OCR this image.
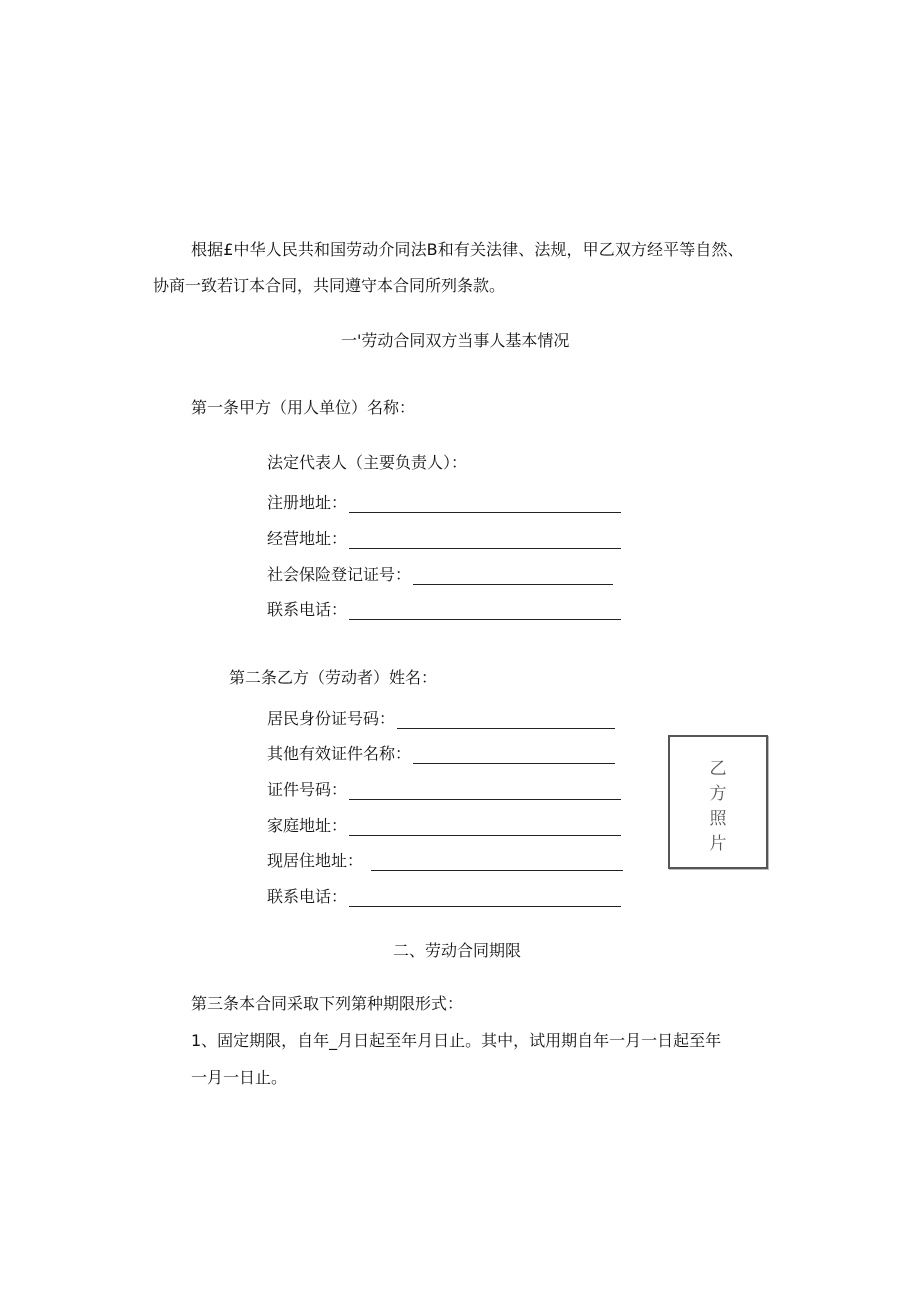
根据£中华人民共和国劳动介同法B和有关法律、法规，甲乙双方经平等自然、
协商一致若订本合同，共同遵守本合同所列条款。
一'劳动合同双方当事人基本情况
第一条甲方（用人单位）名称：
法定代表人（主要负责人）：
注册地址：
经营地址：
社会保险登记证号：
联系电话：
第二条乙方（劳动者）姓名：
居民身份证号码：
其他有效证件名称：
证件号码：
家庭地址：
现居住地址：
联系电话：
乙
方
照
片
二、劳动合同期限
第三条本合同采取下列第种期限形式：
1、固定期限，自年_月日起至年月日止。其中，试用期自年一月一日起至年
一月一日止。
